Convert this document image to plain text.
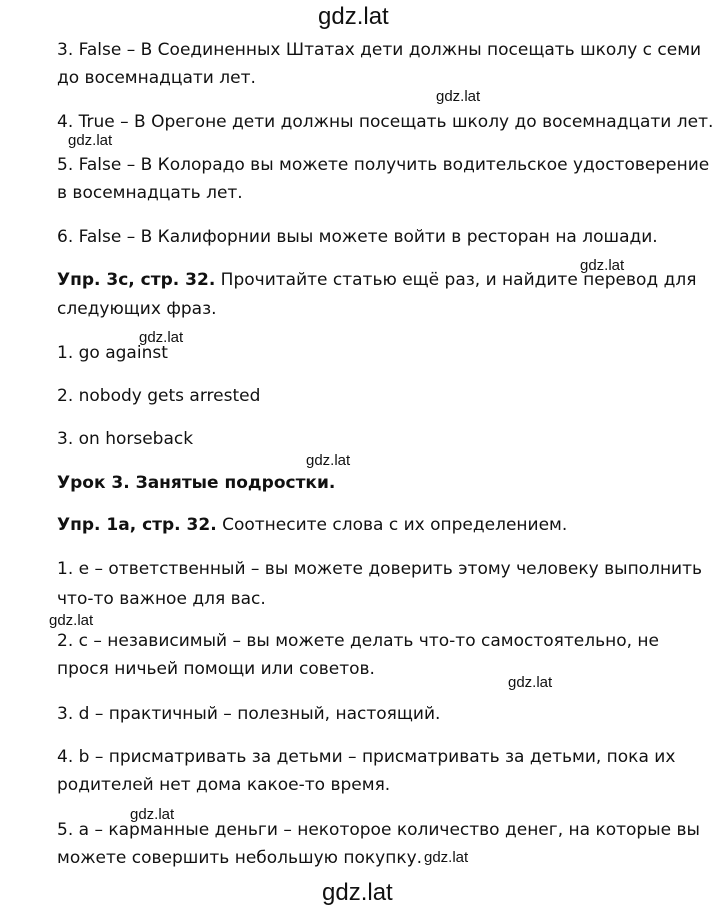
gdz.lat

3. False – В Соединенных Штатах дети должны посещать школу с семи

до восемнадцати лет.

gdz.lat

4. True – В Орегоне дети должны посещать школу до восемнадцати лет.

gdz.lat

5. False – В Колорадо вы можете получить водительское удостоверение

в восемнадцать лет.

6. False – В Калифорнии выы можете войти в ресторан на лошади.

gdz.lat

Упр. 3c, стр. 32. Прочитайте статью ещё раз, и найдите перевод для

следующих фраз.

gdz.lat

1. go against

2. nobody gets arrested

3. on horseback

gdz.lat

Урок 3. Занятые подростки.

Упр. 1a, стр. 32. Соотнесите слова с их определением.

1. e – ответственный – вы можете доверить этому человеку выполнить

что-то важное для вас.

gdz.lat

2. c – независимый – вы можете делать что-то самостоятельно, не

прося ничьей помощи или советов.

gdz.lat

3. d – практичный – полезный, настоящий.

4. b – присматривать за детьми – присматривать за детьми, пока их

родителей нет дома какое-то время.

gdz.lat

5. a – карманные деньги – некоторое количество денег, на которые вы

можете совершить небольшую покупку. gdz.lat

gdz.lat
